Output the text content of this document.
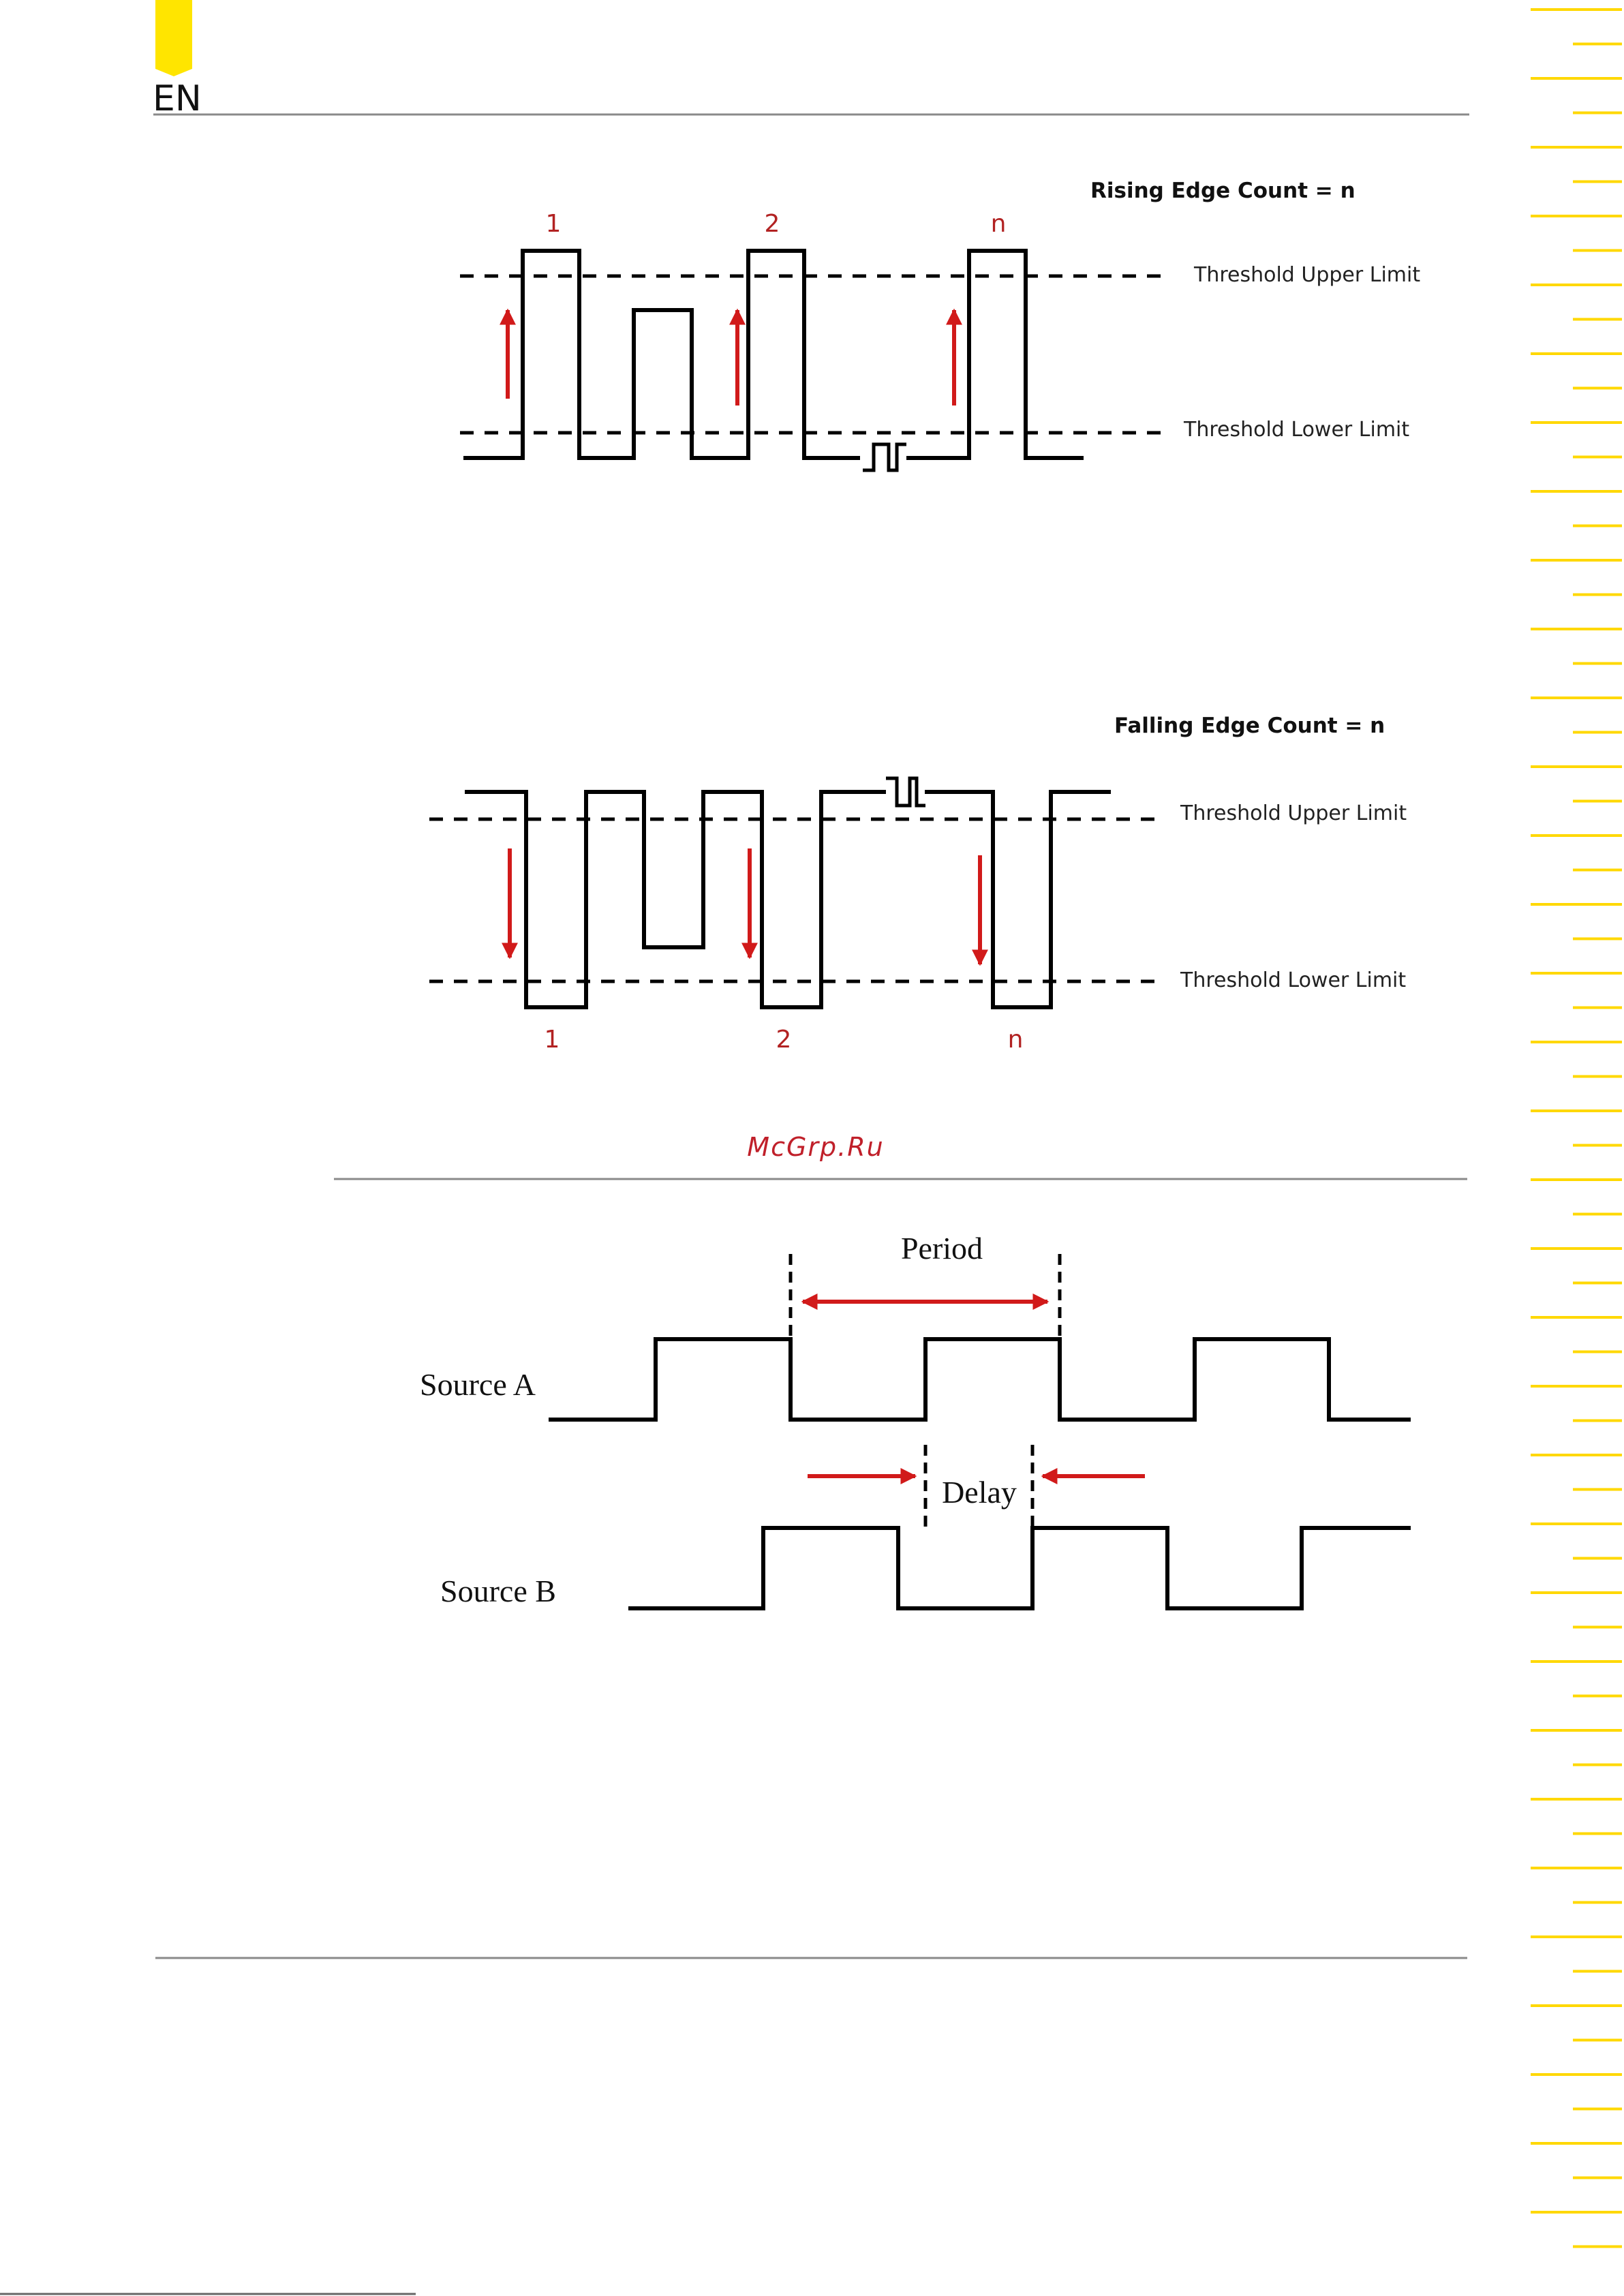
EN
Rising Edge Count = n
Threshold Upper Limit
Threshold Lower Limit
1	2	n
Falling Edge Count = n
Threshold Upper Limit
Threshold Lower Limit
1	2	n
McGrp.Ru
Period
Source A
Delay
Source B
